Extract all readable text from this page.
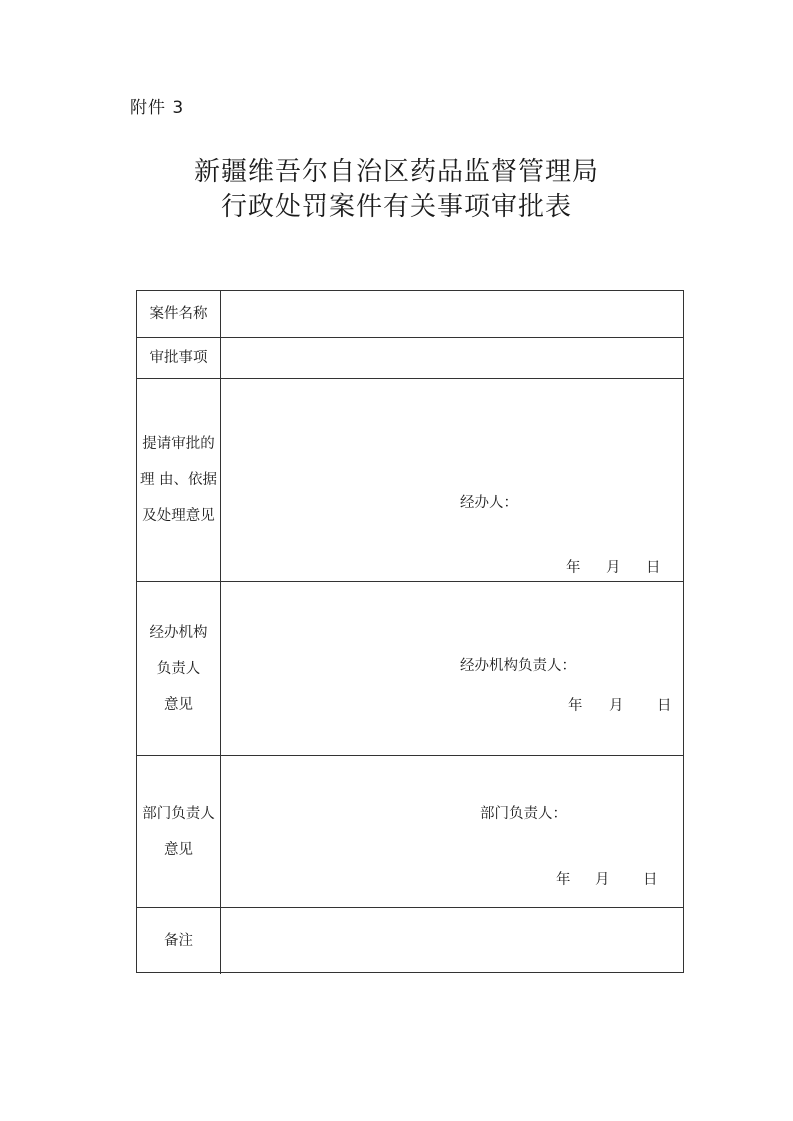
附件 3
新疆维吾尔自治区药品监督管理局
行政处罚案件有关事项审批表
案件名称
审批事项
提请审批的
理 由、依据
及处理意见
经办人：
年 月 日
经办机构
负责人
意见
经办机构负责人：
年 月 日
部门负责人
意见
部门负责人：
年 月 日
备注
